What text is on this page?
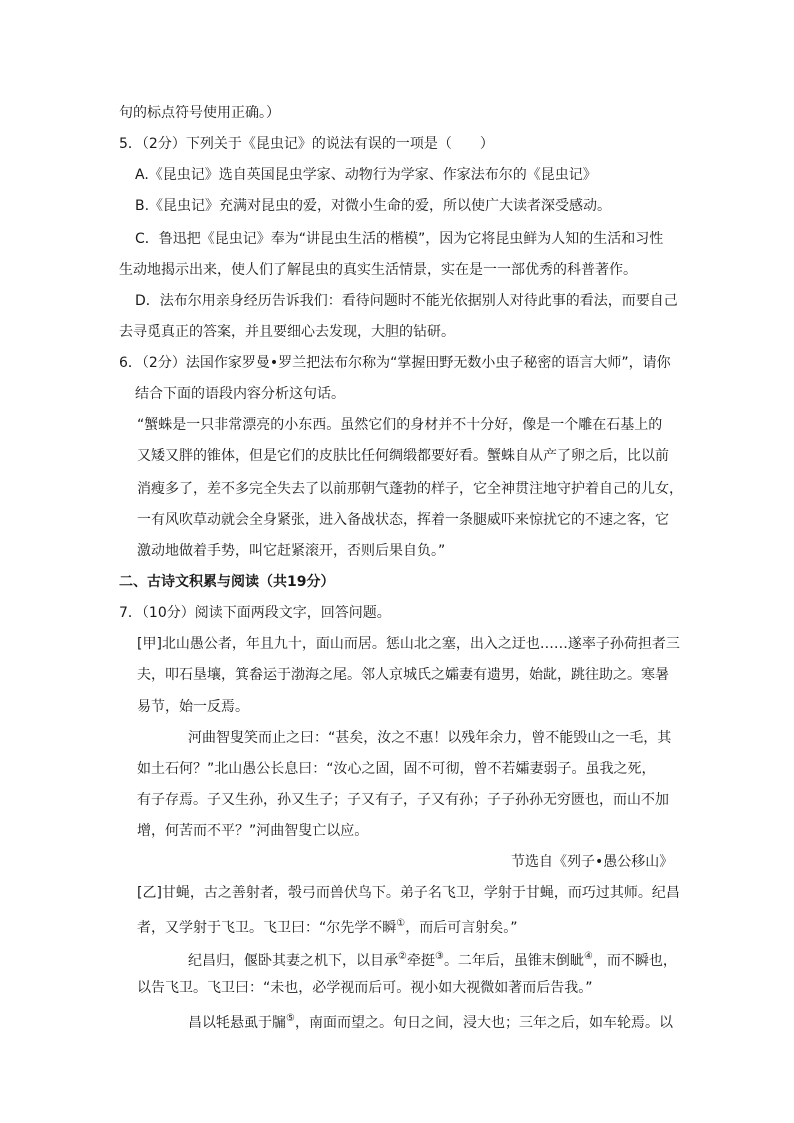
句的标点符号使用正确。）
5．（2分）下列关于《昆虫记》的说法有误的一项是（　　）
A.《昆虫记》选自英国昆虫学家、动物行为学家、作家法布尔的《昆虫记》
B.《昆虫记》充满对昆虫的爱，对微小生命的爱，所以使广大读者深受感动。
C．鲁迅把《昆虫记》奉为“讲昆虫生活的楷模”，因为它将昆虫鲜为人知的生活和习性
生动地揭示出来，使人们了解昆虫的真实生活情景，实在是一一部优秀的科普著作。
D．法布尔用亲身经历告诉我们：看待问题时不能光依据别人对待此事的看法，而要自己
去寻觅真正的答案，并且要细心去发现，大胆的钻研。
6．（2分）法国作家罗曼•罗兰把法布尔称为“掌握田野无数小虫子秘密的语言大师”，请你
结合下面的语段内容分析这句话。
“蟹蛛是一只非常漂亮的小东西。虽然它们的身材并不十分好，像是一个雕在石基上的
又矮又胖的锥体，但是它们的皮肤比任何绸缎都要好看。蟹蛛自从产了卵之后，比以前
消瘦多了，差不多完全失去了以前那朝气蓬勃的样子，它全神贯注地守护着自己的儿女，
一有风吹草动就会全身紧张，进入备战状态，挥着一条腿威吓来惊扰它的不速之客，它
激动地做着手势，叫它赶紧滚开，否则后果自负。”
二、古诗文积累与阅读（共19分）
7．（10分）阅读下面两段文字，回答问题。
[甲]北山愚公者，年且九十，面山而居。惩山北之塞，出入之迂也……遂率子孙荷担者三
夫，叩石垦壤，箕畚运于渤海之尾。邻人京城氏之孀妻有遗男，始龀，跳往助之。寒暑
易节，始一反焉。
河曲智叟笑而止之曰：“甚矣，汝之不惠！以残年余力，曾不能毁山之一毛，其
如土石何？”北山愚公长息曰：“汝心之固，固不可彻，曾不若孀妻弱子。虽我之死，
有子存焉。子又生孙，孙又生子；子又有子，子又有孙；子子孙孙无穷匮也，而山不加
增，何苦而不平？”河曲智叟亡以应。
节选自《列子•愚公移山》
[乙]甘蝇，古之善射者，彀弓而兽伏鸟下。弟子名飞卫，学射于甘蝇，而巧过其师。纪昌
者，又学射于飞卫。飞卫曰：“尔先学不瞬①，而后可言射矣。”
纪昌归，偃卧其妻之机下，以目承②牵挺③。二年后，虽锥末倒眦④，而不瞬也，
以告飞卫。飞卫曰：“未也，必学视而后可。视小如大视微如著而后告我。”
昌以牦悬虱于牖⑤，南面而望之。旬日之间，浸大也；三年之后，如车轮焉。以
